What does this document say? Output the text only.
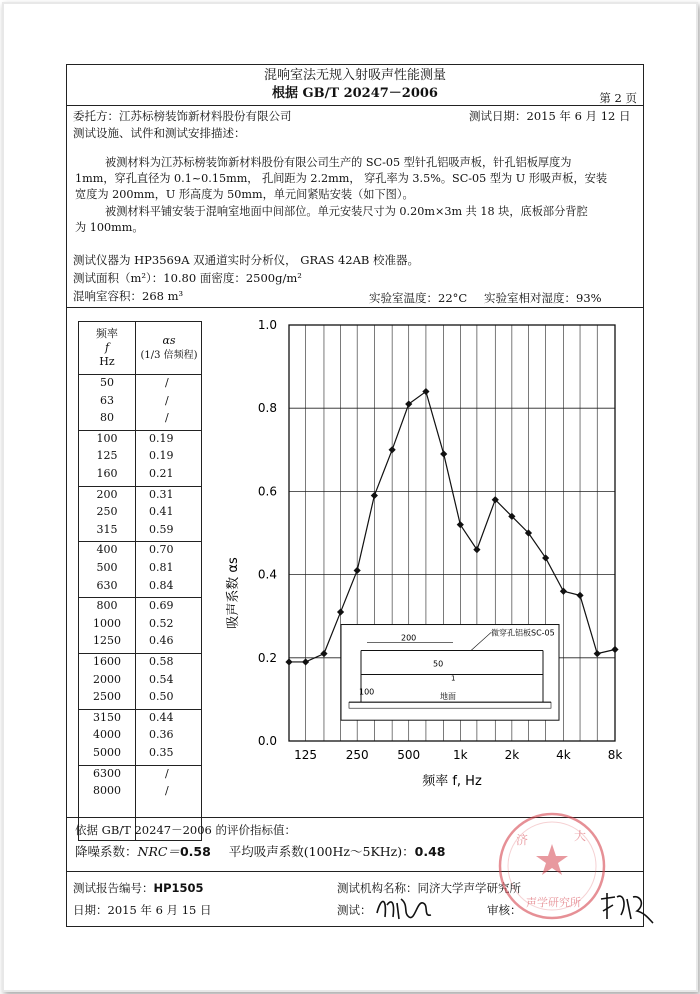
混响室法无规入射吸声性能测量
根据 GB/T 20247－2006	第 2 页
委托方：江苏标榜装饰新材料股份有限公司	测试日期：2015 年 6 月 12 日
测试设施、试件和测试安排描述：
被测材料为江苏标榜装饰新材料股份有限公司生产的 SC-05 型针孔铝吸声板，针孔铝板厚度为
1mm，穿孔直径为 0.1~0.15mm， 孔间距为 2.2mm， 穿孔率为 3.5%。SC-05 型为 U 形吸声板，安装
宽度为 200mm，U 形高度为 50mm，单元间紧贴安装（如下图）。
被测材料平铺安装于混响室地面中间部位。单元安装尺寸为 0.20m×3m 共 18 块，底板部分背腔
为 100mm。
测试仪器为 HP3569A 双通道实时分析仪， GRAS 42AB 校准器。
测试面积（m²）：10.80 面密度：2500g/m²
混响室容积：268 m³	实验室温度：22°C 实验室相对湿度：93%
频率
f
Hz
αs
(1/3 倍频程)
50	/
63	/
80	/
100	0.19
125	0.19
160	0.21
200	0.31
250	0.41
315	0.59
400	0.70
500	0.81
630	0.84
800	0.69
1000	0.52
1250	0.46
1600	0.58
2000	0.54
2500	0.50
3150	0.44
4000	0.36
5000	0.35
6300	/
8000	/
0.0
0.2
0.4
0.6
0.8
1.0
125 250 500	1k	2k	4k	8k
频率 f, Hz
吸声系数 αs
200
50
1
100
微穿孔铝板SC-05
地面
依据 GB/T 20247－2006 的评价指标值：
降噪系数：NRC＝0.58 平均吸声系数(100Hz～5KHz)：0.48
测试报告编号：HP1505	测试机构名称：同济大学声学研究所
测试：	审核：
日期：2015 年 6 月 15 日
济	大
声学研究所
